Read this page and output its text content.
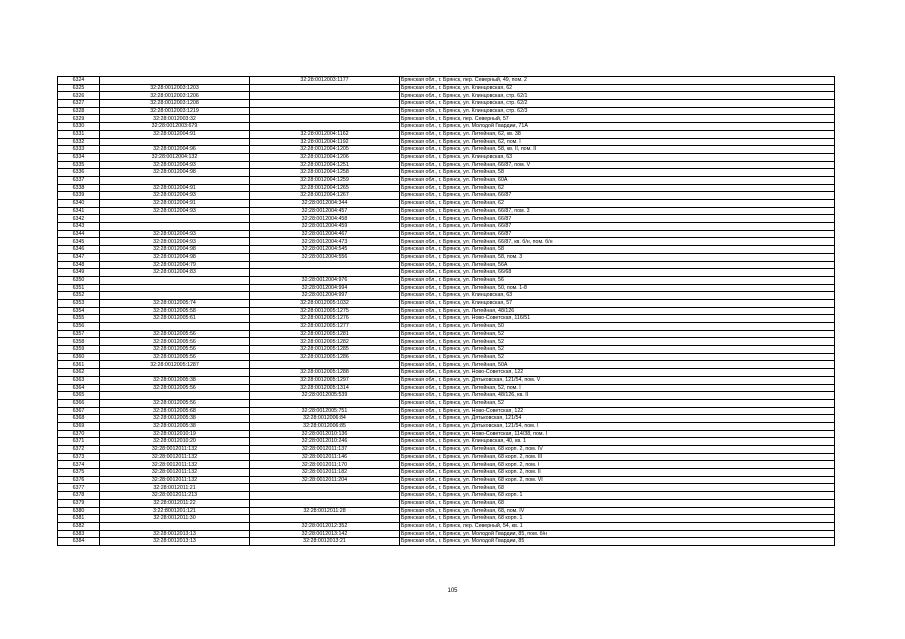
6324		32:28:0012003:1177	Брянская обл., г. Брянск, пер. Северный, 49, пом. 2
6325	32:28:0012003:1203		Брянская обл., г. Брянск, ул. Клинцовская, 62
6326	32:28:0012003:1206		Брянская обл., г. Брянск, ул. Клинцовская, стр. 62/1
6327	32:28:0012003:1208		Брянская обл., г. Брянск, ул. Клинцовская, стр. 62/2
6328	32:28:0012003:1219		Брянская обл., г. Брянск, ул. Клинцовская, стр. 62/3
6329	32:28:0012003:32		Брянская обл., г. Брянск, пер. Северный, 57
6330	32:28:0012003:679		Брянская обл., г. Брянск, ул. Молодой Гвардии, 71А
6331	32:28:0012004:91	32:28:0012004:1162	Брянская обл., г. Брянск, ул. Литейная, 62, кв. 38
6332		32:28:0012004:1192	Брянская обл., г. Брянск, ул. Литейная, 62, пом. I
6333	32:28:0012004:96	32:28:0012004:1205	Брянская обл., г. Брянск, ул. Литейная, 58, кв. II, пом. II
6334	32:28:0012004:132	32:28:0012004:1206	Брянская обл., г. Брянск, ул. Клинцовская, 63
6335	32:28:0012004:93	32:28:0012004:1251	Брянская обл., г. Брянск, ул. Литейная, 66/87, пом. V
6336	32:28:0012004:98	32:28:0012004:1258	Брянская обл., г. Брянск, ул. Литейная, 58
6337		32:28:0012004:1259	Брянская обл., г. Брянск, ул. Литейная, 60А
6338	32:28:0012004:91	32:28:0012004:1265	Брянская обл., г. Брянск, ул. Литейная, 62
6339	32:28:0012004:93	32:28:0012004:1267	Брянская обл., г. Брянск, ул. Литейная, 66/87
6340	32:28:0012004:91	32:28:0012004:344	Брянская обл., г. Брянск, ул. Литейная, 62
6341	32:28:0012004:93	32:28:0012004:457	Брянская обл., г. Брянск, ул. Литейная, 66/87, пом. 3
6342		32:28:0012004:458	Брянская обл., г. Брянск, ул. Литейная, 66/87
6343		32:28:0012004:459	Брянская обл., г. Брянск, ул. Литейная, 66/87
6344	32:28:0012004:93	32:28:0012004:467	Брянская обл., г. Брянск, ул. Литейная, 66/87
6345	32:28:0012004:93	32:28:0012004:473	Брянская обл., г. Брянск, ул. Литейная, 66/87, кв. б/н, пом. б/н
6346	32:28:0012004:98	32:28:0012004:545	Брянская обл., г. Брянск, ул. Литейная, 58
6347	32:28:0012004:98	32:28:0012004:556	Брянская обл., г. Брянск, ул. Литейная, 58, пом. 3
6348	32:28:0012004:79		Брянская обл., г. Брянск, ул. Литейная, 56А
6349	32:28:0012004:83		Брянская обл., г. Брянск, ул. Литейная, 66/68
6350		32:28:0012004:976	Брянская обл., г. Брянск, ул. Литейная, 56
6351		32:28:0012004:994	Брянская обл., г. Брянск, ул. Литейная, 50, пом. 1-8
6352		32:28:0012004:997	Брянская обл., г. Брянск, ул. Клинцовская, 63
6353	32:28:0012005:74	32:28:0012005:1032	Брянская обл., г. Брянск, ул. Клинцовская, 57
6354	32:28:0012005:58	32:28:0012005:1275	Брянская обл., г. Брянск, ул. Литейная, 48/126
6355	32:28:0012005:61	32:28:0012005:1276	Брянская обл., г. Брянск, ул. Ново-Советская, 116/51
6356		32:28:0012005:1277	Брянская обл., г. Брянск, ул. Литейная, 50
6357	32:28:0012005:56	32:28:0012005:1281	Брянская обл., г. Брянск, ул. Литейная, 52
6358	32:28:0012005:56	32:28:0012005:1282	Брянская обл., г. Брянск, ул. Литейная, 52
6359	32:28:0012005:56	32:28:0012005:1285	Брянская обл., г. Брянск, ул. Литейная, 52
6360	32:28:0012005:56	32:28:0012005:1286	Брянская обл., г. Брянск, ул. Литейная, 52
6361	32:28:0012005:1287		Брянская обл., г. Брянск, ул. Литейная, 50А
6362		32:28:0012005:1288	Брянская обл., г. Брянск, ул. Ново-Советская, 122
6363	32:28:0012005:38	32:28:0012005:1297	Брянская обл., г. Брянск, ул. Дятьковская, 121/54, пом. V
6364	32:28:0012005:56	32:28:0012005:1314	Брянская обл., г. Брянск, ул. Литейная, 52, пом. I
6365		32:28:0012005:539	Брянская обл., г. Брянск, ул. Литейная, 48/126, кв. II
6366	32:28:0012005:56		Брянская обл., г. Брянск, ул. Литейная, 52
6367	32:28:0012005:68	32:28:0012005:751	Брянская обл., г. Брянск, ул. Ново-Советская, 122
6368	32:28:0012005:38	32:28:0012006:84	Брянская обл., г. Брянск, ул. Дятьковская, 121/54
6369	32:28:0012005:38	32:28:0012006:85	Брянская обл., г. Брянск, ул. Дятьковская, 121/54, пом. I
6370	32:28:0012010:19	32:28:0012010:136	Брянская обл., г. Брянск, ул. Ново-Советская, 114/38, пом. I
6371	32:28:0012010:20	32:28:0012010:246	Брянская обл., г. Брянск, ул. Клинцовская, 40, кв. 1
6372	32:28:0012011:132	32:28:0012011:137	Брянская обл., г. Брянск, ул. Литейная, 68 корп. 2, пом. IV
6373	32:28:0012011:132	32:28:0012011:146	Брянская обл., г. Брянск, ул. Литейная, 68 корп. 2, пом. III
6374	32:28:0012011:132	32:28:0012011:170	Брянская обл., г. Брянск, ул. Литейная, 68 корп. 2, пом. I
6375	32:28:0012011:132	32:28:0012011:182	Брянская обл., г. Брянск, ул. Литейная, 68 корп. 2, пом. II
6376	32:28:0012011:132	32:28:0012011:204	Брянская обл., г. Брянск, ул. Литейная, 68 корп. 2, пом. VI
6377	32:28:0012011:21		Брянская обл., г. Брянск, ул. Литейная, 68
6378	32:28:0012011:213		Брянская обл., г. Брянск, ул. Литейная, 68 корп. 1
6379	32:28:0012011:22		Брянская обл., г. Брянск, ул. Литейная, 68
6380	3:22:8001201:121	32:28:0012011:28	Брянская обл., г. Брянск, ул. Литейная, 68, пом. IV
6381	32:28:0012011:30		Брянская обл., г. Брянск, ул. Литейная, 68 корп. 1
6382		32:28:0012012:352	Брянская обл., г. Брянск, пер. Северный, 54, кв. 1
6383	32:28:0012013:13	32:28:0012013:142	Брянская обл., г. Брянск, ул. Молодой Гвардии, 85, пом. б/н
6384	32:28:0012013:13	32:28:0012013:21	Брянская обл., г. Брянск, ул. Молодой Гвардии, 85
105
